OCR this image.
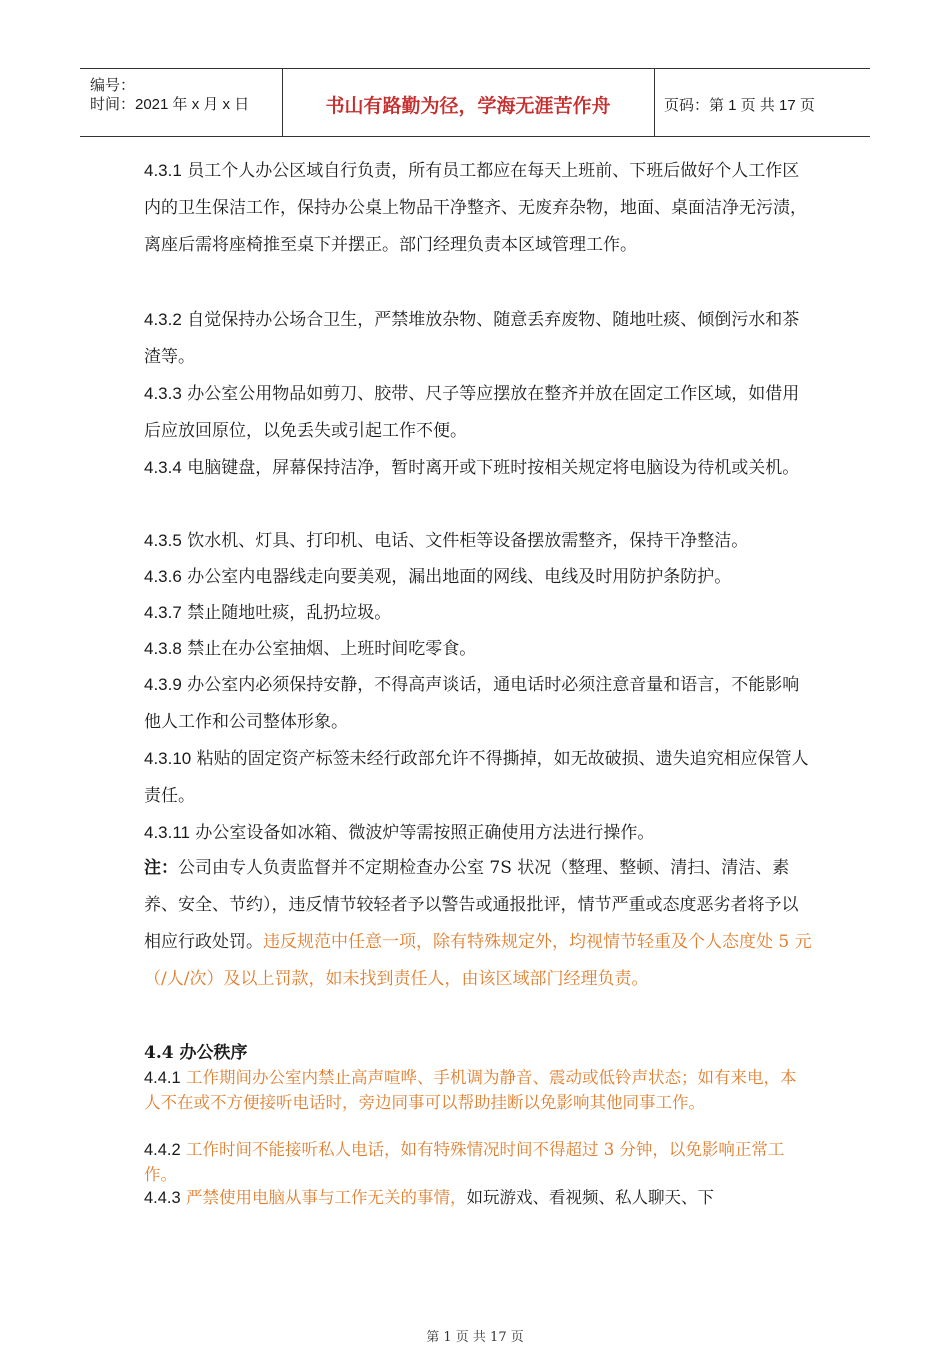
编号：
时间：2021 年 x 月 x 日	书山有路勤为径，学海无涯苦作舟	页码：第 1 页 共 17 页
4.3.1 员工个人办公区域自行负责，所有员工都应在每天上班前、下班后做好个人工作区内的卫生保洁工作，保持办公桌上物品干净整齐、无废弃杂物，地面、桌面洁净无污渍，离座后需将座椅推至桌下并摆正。部门经理负责本区域管理工作。
4.3.2 自觉保持办公场合卫生，严禁堆放杂物、随意丢弃废物、随地吐痰、倾倒污水和茶渣等。
4.3.3 办公室公用物品如剪刀、胶带、尺子等应摆放在整齐并放在固定工作区域，如借用后应放回原位，以免丢失或引起工作不便。
4.3.4 电脑键盘，屏幕保持洁净，暂时离开或下班时按相关规定将电脑设为待机或关机。
4.3.5 饮水机、灯具、打印机、电话、文件柜等设备摆放需整齐，保持干净整洁。
4.3.6 办公室内电器线走向要美观，漏出地面的网线、电线及时用防护条防护。
4.3.7 禁止随地吐痰，乱扔垃圾。
4.3.8 禁止在办公室抽烟、上班时间吃零食。
4.3.9 办公室内必须保持安静，不得高声谈话，通电话时必须注意音量和语言，不能影响他人工作和公司整体形象。
4.3.10 粘贴的固定资产标签未经行政部允许不得撕掉，如无故破损、遗失追究相应保管人责任。
4.3.11 办公室设备如冰箱、微波炉等需按照正确使用方法进行操作。
注：公司由专人负责监督并不定期检查办公室 7S 状况（整理、整顿、清扫、清洁、素养、安全、节约），违反情节较轻者予以警告或通报批评，情节严重或态度恶劣者将予以相应行政处罚。违反规范中任意一项，除有特殊规定外，均视情节轻重及个人态度处 5 元（/人/次）及以上罚款，如未找到责任人，由该区域部门经理负责。
4.4 办公秩序
4.4.1 工作期间办公室内禁止高声喧哗、手机调为静音、震动或低铃声状态；如有来电，本人不在或不方便接听电话时，旁边同事可以帮助挂断以免影响其他同事工作。
4.4.2 工作时间不能接听私人电话，如有特殊情况时间不得超过 3 分钟，以免影响正常工作。
4.4.3 严禁使用电脑从事与工作无关的事情，如玩游戏、看视频、私人聊天、下
第 1 页 共 17 页
